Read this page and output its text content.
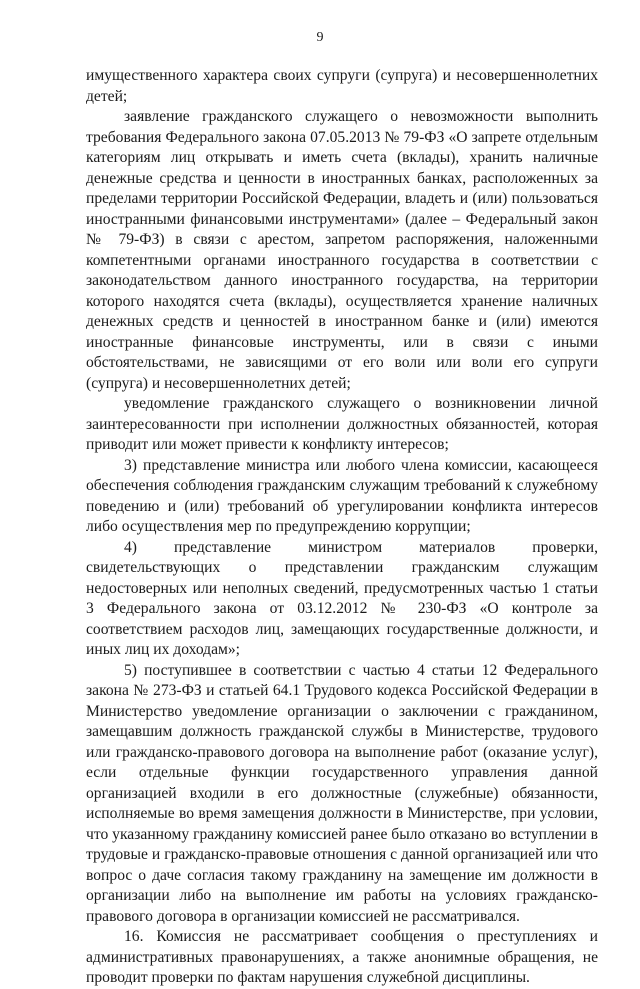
9

имущественного характера своих супруги (супруга) и несовершеннолетних детей;

заявление гражданского служащего о невозможности выполнить требования Федерального закона 07.05.2013 № 79-ФЗ «О запрете отдельным категориям лиц открывать и иметь счета (вклады), хранить наличные денежные средства и ценности в иностранных банках, расположенных за пределами территории Российской Федерации, владеть и (или) пользоваться иностранными финансовыми инструментами» (далее – Федеральный закон № 79-ФЗ) в связи с арестом, запретом распоряжения, наложенными компетентными органами иностранного государства в соответствии с законодательством данного иностранного государства, на территории которого находятся счета (вклады), осуществляется хранение наличных денежных средств и ценностей в иностранном банке и (или) имеются иностранные финансовые инструменты, или в связи с иными обстоятельствами, не зависящими от его воли или воли его супруги (супруга) и несовершеннолетних детей;

уведомление гражданского служащего о возникновении личной заинтересованности при исполнении должностных обязанностей, которая приводит или может привести к конфликту интересов;

3) представление министра или любого члена комиссии, касающееся обеспечения соблюдения гражданским служащим требований к служебному поведению и (или) требований об урегулировании конфликта интересов либо осуществления мер по предупреждению коррупции;

4) представление министром материалов проверки, свидетельствующих о представлении гражданским служащим недостоверных или неполных сведений, предусмотренных частью 1 статьи 3 Федерального закона от 03.12.2012 № 230-ФЗ «О контроле за соответствием расходов лиц, замещающих государственные должности, и иных лиц их доходам»;

5) поступившее в соответствии с частью 4 статьи 12 Федерального закона № 273-ФЗ и статьей 64.1 Трудового кодекса Российской Федерации в Министерство уведомление организации о заключении с гражданином, замещавшим должность гражданской службы в Министерстве, трудового или гражданско-правового договора на выполнение работ (оказание услуг), если отдельные функции государственного управления данной организацией входили в его должностные (служебные) обязанности, исполняемые во время замещения должности в Министерстве, при условии, что указанному гражданину комиссией ранее было отказано во вступлении в трудовые и гражданско-правовые отношения с данной организацией или что вопрос о даче согласия такому гражданину на замещение им должности в организации либо на выполнение им работы на условиях гражданско-правового договора в организации комиссией не рассматривался.

16. Комиссия не рассматривает сообщения о преступлениях и административных правонарушениях, а также анонимные обращения, не проводит проверки по фактам нарушения служебной дисциплины.
